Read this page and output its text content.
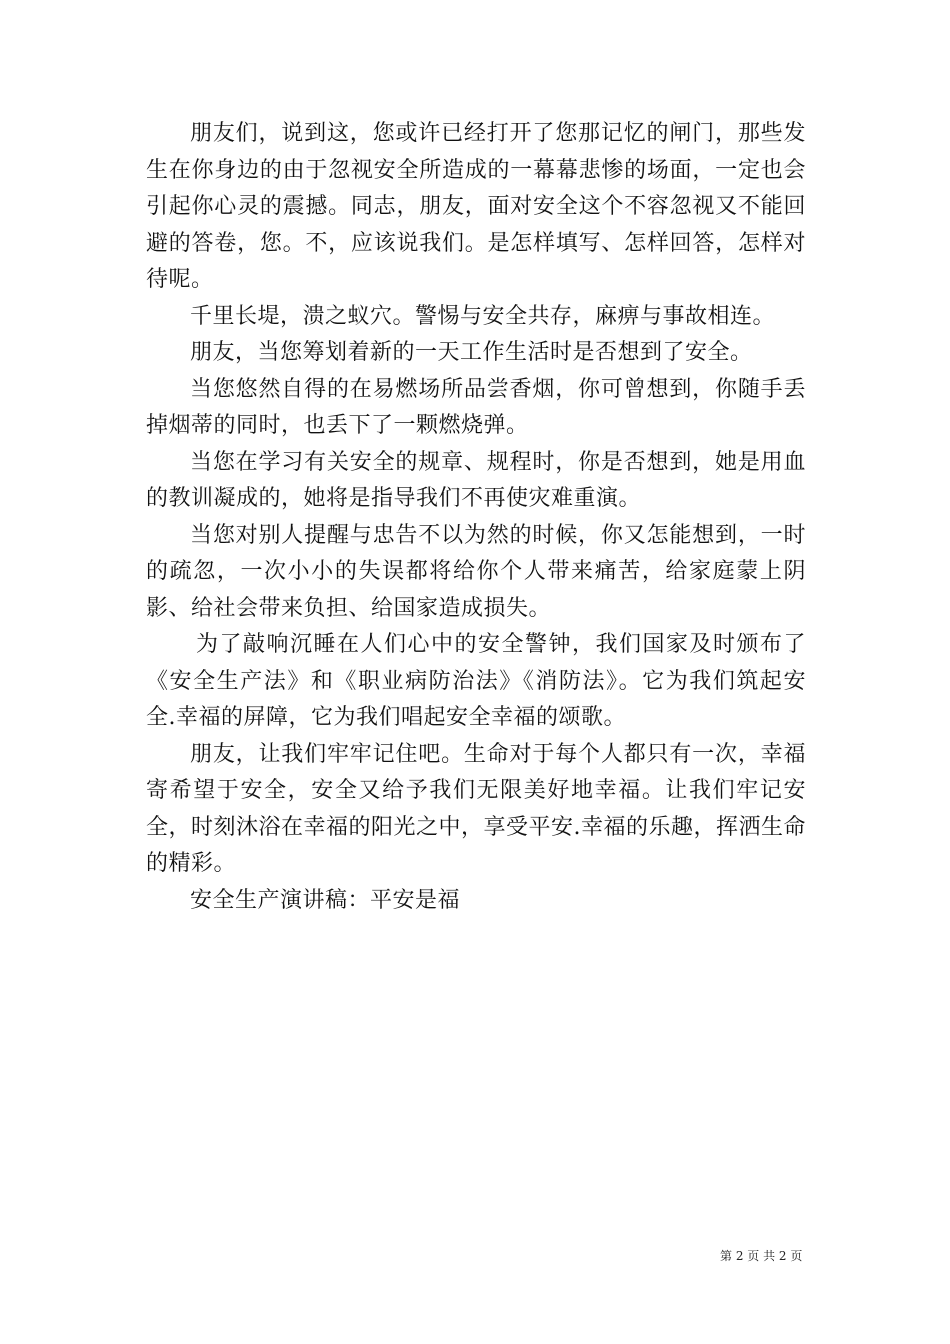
朋友们，说到这，您或许已经打开了您那记忆的闸门，那些发生在你身边的由于忽视安全所造成的一幕幕悲惨的场面，一定也会引起你心灵的震撼。同志，朋友，面对安全这个不容忽视又不能回避的答卷，您。不，应该说我们。是怎样填写、怎样回答，怎样对待呢。

千里长堤，溃之蚁穴。警惕与安全共存，麻痹与事故相连。

朋友，当您筹划着新的一天工作生活时是否想到了安全。

当您悠然自得的在易燃场所品尝香烟，你可曾想到，你随手丢掉烟蒂的同时，也丢下了一颗燃烧弹。

当您在学习有关安全的规章、规程时，你是否想到，她是用血的教训凝成的，她将是指导我们不再使灾难重演。

当您对别人提醒与忠告不以为然的时候，你又怎能想到，一时的疏忽，一次小小的失误都将给你个人带来痛苦，给家庭蒙上阴影、给社会带来负担、给国家造成损失。

为了敲响沉睡在人们心中的安全警钟，我们国家及时颁布了《安全生产法》和《职业病防治法》《消防法》。它为我们筑起安全.幸福的屏障，它为我们唱起安全幸福的颂歌。

朋友，让我们牢牢记住吧。生命对于每个人都只有一次，幸福寄希望于安全，安全又给予我们无限美好地幸福。让我们牢记安全，时刻沐浴在幸福的阳光之中，享受平安.幸福的乐趣，挥洒生命的精彩。

安全生产演讲稿：平安是福

第 2 页 共 2 页
